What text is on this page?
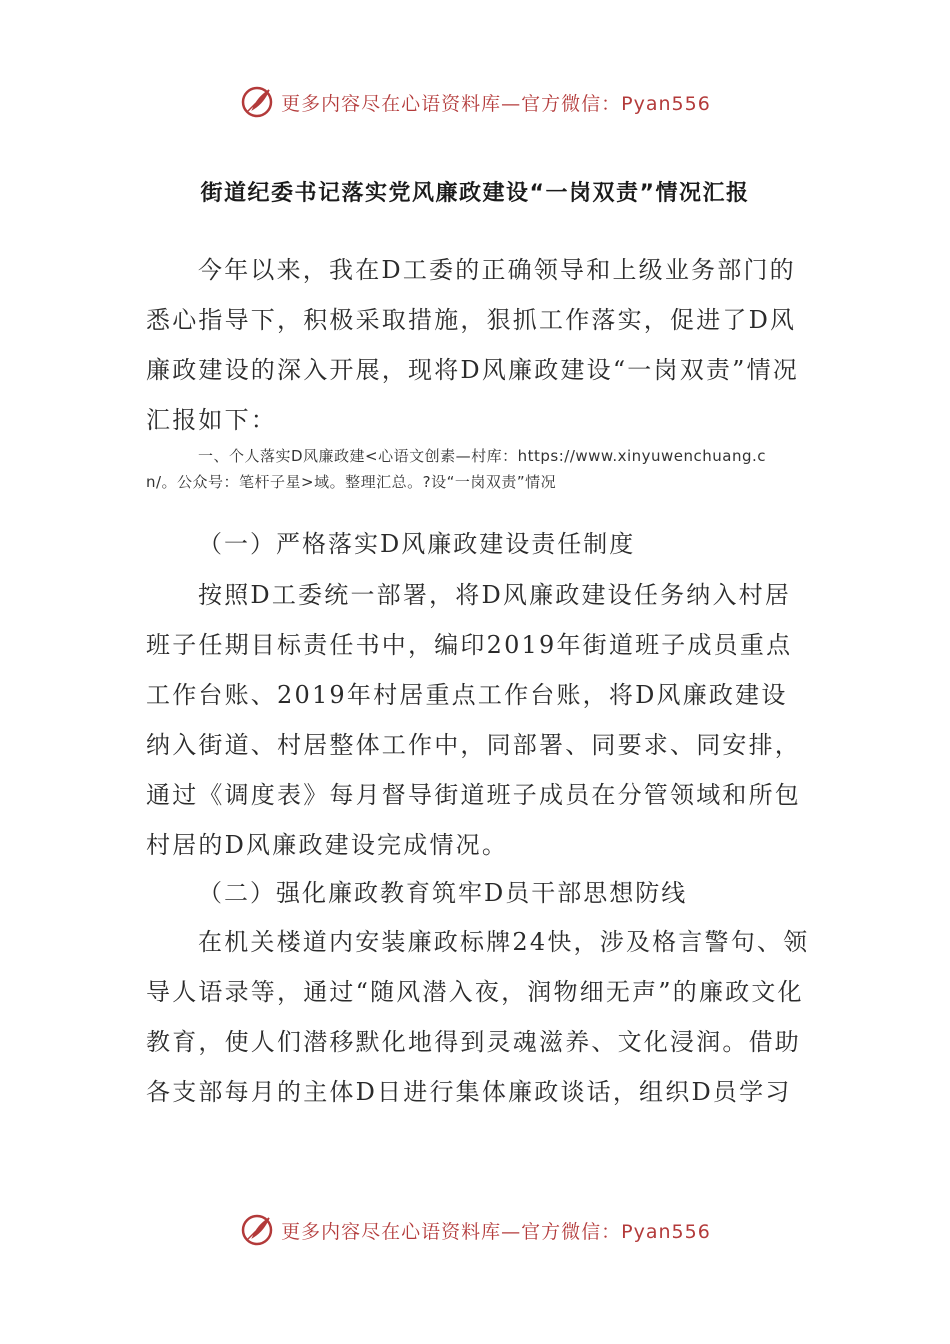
更多内容尽在心语资料库—官方微信：Pyan556
街道纪委书记落实党风廉政建设“一岗双责”情况汇报

今年以来，我在D工委的正确领导和上级业务部门的悉心指导下，积极采取措施，狠抓工作落实，促进了D风廉政建设的深入开展，现将D风廉政建设“一岗双责”情况汇报如下：

一、个人落实D风廉政建<心语文创素—村库：https://www.xinyuwenchuang.cn/。公众号：笔杆子星>域。整理汇总。?设“一岗双责”情况

（一）严格落实D风廉政建设责任制度

按照D工委统一部署，将D风廉政建设任务纳入村居班子任期目标责任书中，编印2019年街道班子成员重点工作台账、2019年村居重点工作台账，将D风廉政建设纳入街道、村居整体工作中，同部署、同要求、同安排，通过《调度表》每月督导街道班子成员在分管领域和所包村居的D风廉政建设完成情况。

（二）强化廉政教育筑牢D员干部思想防线

在机关楼道内安装廉政标牌24快，涉及格言警句、领导人语录等，通过“随风潜入夜，润物细无声”的廉政文化教育，使人们潜移默化地得到灵魂滋养、文化浸润。借助各支部每月的主体D日进行集体廉政谈话，组织D员学习

更多内容尽在心语资料库—官方微信：Pyan556
